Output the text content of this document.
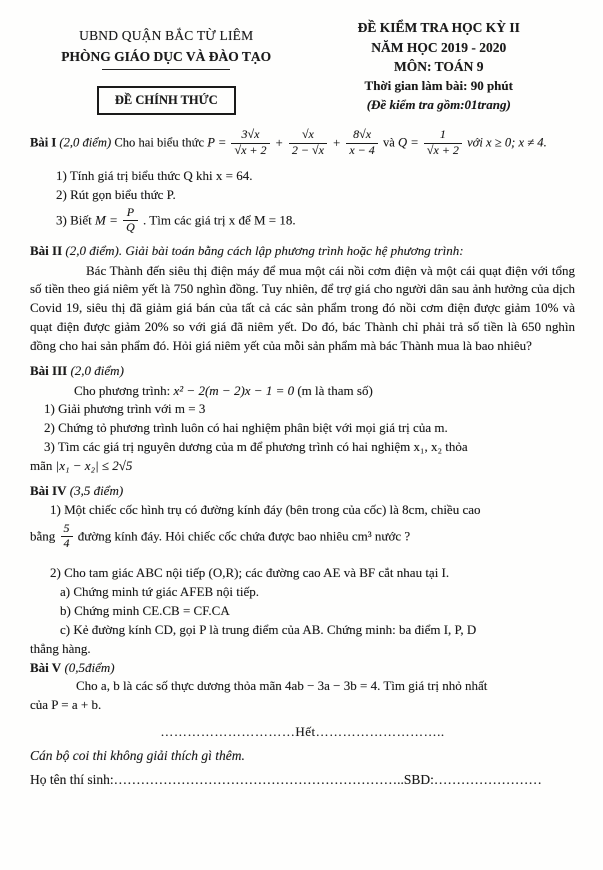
UBND QUẬN BẮC TỪ LIÊM
PHÒNG GIÁO DỤC VÀ ĐÀO TẠO
ĐỀ CHÍNH THỨC
ĐỀ KIỂM TRA HỌC KỲ II
NĂM HỌC 2019 - 2020
MÔN: TOÁN 9
Thời gian làm bài: 90 phút
(Đề kiểm tra gồm:01trang)
Bài I (2,0 điểm) Cho hai biểu thức $P = \frac{3√x}{√x + 2} + \frac{√x}{2 - √x} + \frac{8√x}{x - 4}$ và $Q = \frac{1}{√x + 2}$ với x ≥ 0; x ≠ 4.
1) Tính giá trị biểu thức Q khi x = 64.
2) Rút gọn biểu thức P.
3) Biết $M = \frac{P}{Q}$ . Tìm các giá trị x để M = 18.
Bài II (2,0 điểm). Giải bài toán bằng cách lập phương trình hoặc hệ phương trình:
Bác Thành đến siêu thị điện máy để mua một cái nồi cơm điện và một cái quạt điện với tổng số tiền theo giá niêm yết là 750 nghìn đồng. Tuy nhiên, để trợ giá cho người dân sau ảnh hưởng của dịch Covid 19, siêu thị đã giảm giá bán của tất cả các sản phẩm trong đó nồi cơm điện được giảm 10% và quạt điện được giảm 20% so với giá đã niêm yết. Do đó, bác Thành chỉ phải trả số tiền là 650 nghìn đồng cho hai sản phẩm đó. Hỏi giá niêm yết của mỗi sản phẩm mà bác Thành mua là bao nhiêu?
Bài III (2,0 điểm)
Cho phương trình: x² − 2(m − 2)x − 1 = 0 (m là tham số)
1) Giải phương trình với m = 3
2) Chứng tỏ phương trình luôn có hai nghiệm phân biệt với mọi giá trị của m.
3) Tìm các giá trị nguyên dương của m để phương trình có hai nghiệm x₁, x₂ thỏa
mãn |x₁ − x₂| ≤ 2√5
Bài IV (3,5 điểm)
1) Một chiếc cốc hình trụ có đường kính đáy (bên trong của cốc) là 8cm, chiều cao
bằng $\frac{5}{4}$ đường kính đáy. Hỏi chiếc cốc chứa được bao nhiêu cm³ nước ?
2) Cho tam giác ABC nội tiếp (O,R); các đường cao AE và BF cắt nhau tại I.
a) Chứng minh tứ giác AFEB nội tiếp.
b) Chứng minh CE.CB = CF.CA
c) Kẻ đường kính CD, gọi P là trung điểm của AB. Chứng minh: ba điểm I, P, D
thẳng hàng.
Bài V (0,5điểm)
Cho a, b là các số thực dương thỏa mãn 4ab − 3a − 3b = 4. Tìm giá trị nhỏ nhất
của P = a + b.
…………………………Hết………………………..
Cán bộ coi thi không giải thích gì thêm.
Họ tên thí sinh:………………………………………………………..SBD:……………………
